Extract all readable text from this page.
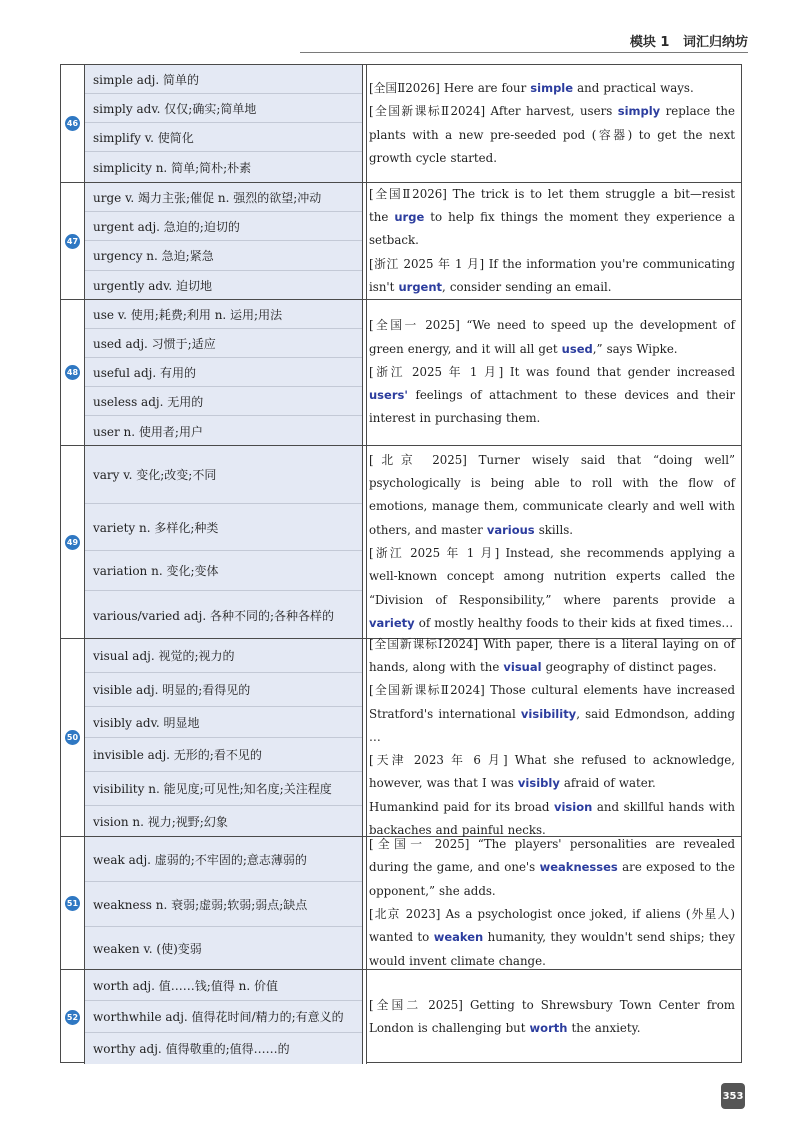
模块 1   词汇归纳坊
46
simple adj. 简单的
simply adv. 仅仅;确实;简单地
simplify v. 使简化
simplicity n. 简单;简朴;朴素

[全国Ⅱ2026] Here are four simple and practical ways.

[全国新课标Ⅱ2024] After harvest, users simply replace the plants with a new pre-seeded pod (容器) to get the next growth cycle started.

47
urge v. 竭力主张;催促 n. 强烈的欲望;冲动
urgent adj. 急迫的;迫切的
urgency n. 急迫;紧急
urgently adv. 迫切地

[全国Ⅱ2026] The trick is to let them struggle a bit—resist the urge to help fix things the moment they experience a setback.

[浙江 2025 年 1 月] If the information you're communicating isn't urgent, consider sending an email.

48
use v. 使用;耗费;利用 n. 运用;用法
used adj. 习惯于;适应
useful adj. 有用的
useless adj. 无用的
user n. 使用者;用户

[全国一 2025] “We need to speed up the development of green energy, and it will all get used,” says Wipke.

[浙江 2025 年 1 月] It was found that gender increased users' feelings of attachment to these devices and their interest in purchasing them.

49
vary v. 变化;改变;不同
variety n. 多样化;种类
variation n. 变化;变体
various/varied adj. 各种不同的;各种各样的

[北京 2025] Turner wisely said that “doing well” psychologically is being able to roll with the flow of emotions, manage them, communicate clearly and well with others, and master various skills.

[浙江 2025 年 1 月] Instead, she recommends applying a well-known concept among nutrition experts called the “Division of Responsibility,” where parents provide a variety of mostly healthy foods to their kids at fixed times…

50
visual adj. 视觉的;视力的
visible adj. 明显的;看得见的
visibly adv. 明显地
invisible adj. 无形的;看不见的
visibility n. 能见度;可见性;知名度;关注程度
vision n. 视力;视野;幻象

[全国新课标Ⅰ2024] With paper, there is a literal laying on of hands, along with the visual geography of distinct pages.

[全国新课标Ⅱ2024] Those cultural elements have increased Stratford's international visibility, said Edmondson, adding …

[天津 2023 年 6 月] What she refused to acknowledge, however, was that I was visibly afraid of water.

Humankind paid for its broad vision and skillful hands with backaches and painful necks.

51
weak adj. 虚弱的;不牢固的;意志薄弱的
weakness n. 衰弱;虚弱;软弱;弱点;缺点
weaken v. (使)变弱

[全国一 2025] “The players' personalities are revealed during the game, and one's weaknesses are exposed to the opponent,” she adds.

[北京 2023] As a psychologist once joked, if aliens (外星人) wanted to weaken humanity, they wouldn't send ships; they would invent climate change.

52
worth adj. 值……钱;值得 n. 价值
worthwhile adj. 值得花时间/精力的;有意义的
worthy adj. 值得敬重的;值得……的

[全国二 2025] Getting to Shrewsbury Town Center from London is challenging but worth the anxiety.

353
